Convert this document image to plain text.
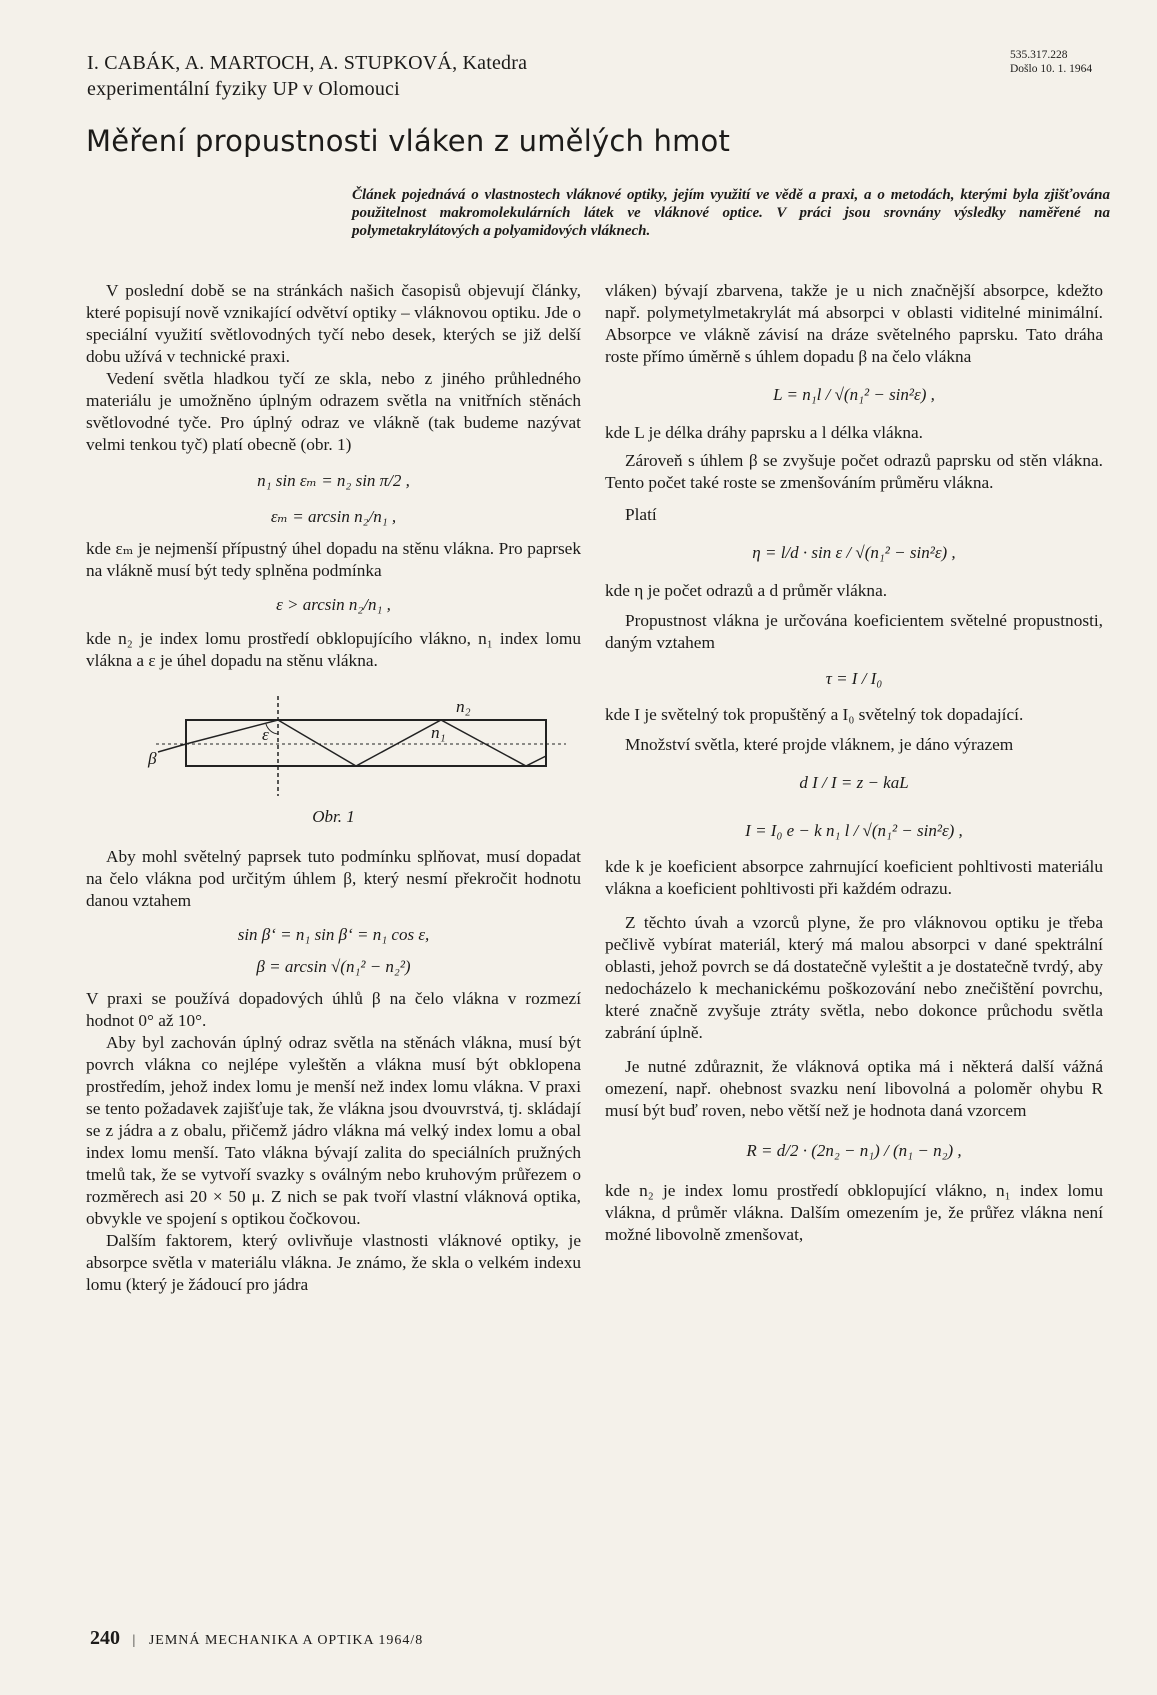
I. CABÁK, A. MARTOCH, A. STUPKOVÁ, Katedra
experimentální fyziky UP v Olomouci
535.317.228
Došlo 10. 1. 1964
Měření propustnosti vláken z umělých hmot
Článek pojednává o vlastnostech vláknové optiky, jejím využití ve vědě a praxi, a o metodách, kterými byla zjišťována použitelnost makromolekulárních látek ve vláknové optice. V práci jsou srovnány výsledky naměřené na polymetakrylátových a polyamidových vláknech.

V poslední době se na stránkách našich časopisů objevují články, které popisují nově vznikající odvětví optiky – vláknovou optiku. Jde o speciální využití světlovodných tyčí nebo desek, kterých se již delší dobu užívá v technické praxi.

Vedení světla hladkou tyčí ze skla, nebo z jiného průhledného materiálu je umožněno úplným odrazem světla na vnitřních stěnách světlovodné tyče. Pro úplný odraz ve vlákně (tak budeme nazývat velmi tenkou tyč) platí obecně (obr. 1)

n₁ sin εₘ = n₂ sin π/2 ,
εₘ = arcsin n₂/n₁ ,

kde εₘ je nejmenší přípustný úhel dopadu na stěnu vlákna. Pro paprsek na vlákně musí být tedy splněna podmínka

ε > arcsin n₂/n₁ ,

kde n₂ je index lomu prostředí obklopujícího vlákno, n₁ index lomu vlákna a ε je úhel dopadu na stěnu vlákna.

n₂
n₁
ε
β
Obr. 1

Aby mohl světelný paprsek tuto podmínku splňovat, musí dopadat na čelo vlákna pod určitým úhlem β, který nesmí překročit hodnotu danou vztahem

sin β‘ = n₁ sin β‘ = n₁ cos ε,
β = arcsin √(n₁² − n₂²)

V praxi se používá dopadových úhlů β na čelo vlákna v rozmezí hodnot 0° až 10°.

Aby byl zachován úplný odraz světla na stěnách vlákna, musí být povrch vlákna co nejlépe vyleštěn a vlákna musí být obklopena prostředím, jehož index lomu je menší než index lomu vlákna. V praxi se tento požadavek zajišťuje tak, že vlákna jsou dvouvrstvá, tj. skládají se z jádra a z obalu, přičemž jádro vlákna má velký index lomu a obal index lomu menší. Tato vlákna bývají zalita do speciálních pružných tmelů tak, že se vytvoří svazky s oválným nebo kruhovým průřezem o rozměrech asi 20 × 50 μ. Z nich se pak tvoří vlastní vláknová optika, obvykle ve spojení s optikou čočkovou.

Dalším faktorem, který ovlivňuje vlastnosti vláknové optiky, je absorpce světla v materiálu vlákna. Je známo, že skla o velkém indexu lomu (který je žádoucí pro jádra

vláken) bývají zbarvena, takže je u nich značnější absorpce, kdežto např. polymetylmetakrylát má absorpci v oblasti viditelné minimální. Absorpce ve vlákně závisí na dráze světelného paprsku. Tato dráha roste přímo úměrně s úhlem dopadu β na čelo vlákna

L = n₁l / √(n₁² − sin²ε) ,

kde L je délka dráhy paprsku a l délka vlákna.

Zároveň s úhlem β se zvyšuje počet odrazů paprsku od stěn vlákna. Tento počet také roste se zmenšováním průměru vlákna.

Platí

η = l/d · sin ε / √(n₁² − sin²ε) ,

kde η je počet odrazů a d průměr vlákna.

Propustnost vlákna je určována koeficientem světelné propustnosti, daným vztahem

τ = I / I₀

kde I je světelný tok propuštěný a I₀ světelný tok dopadající.

Množství světla, které projde vláknem, je dáno výrazem

d I / I = z − kaL
I = I₀ e − k n₁ l / √(n₁² − sin²ε) ,

kde k je koeficient absorpce zahrnující koeficient pohltivosti materiálu vlákna a koeficient pohltivosti při každém odrazu.

Z těchto úvah a vzorců plyne, že pro vláknovou optiku je třeba pečlivě vybírat materiál, který má malou absorpci v dané spektrální oblasti, jehož povrch se dá dostatečně vyleštit a je dostatečně tvrdý, aby nedocházelo k mechanickému poškozování nebo znečištění povrchu, které značně zvyšuje ztráty světla, nebo dokonce průchodu světla zabrání úplně.

Je nutné zdůraznit, že vláknová optika má i některá další vážná omezení, např. ohebnost svazku není libovolná a poloměr ohybu R musí být buď roven, nebo větší než je hodnota daná vzorcem

R = d/2 · (2n₂ − n₁) / (n₁ − n₂) ,

kde n₂ je index lomu prostředí obklopující vlákno, n₁ index lomu vlákna, d průměr vlákna. Dalším omezením je, že průřez vlákna není možné libovolně zmenšovat,

240 | JEMNÁ MECHANIKA A OPTIKA 1964/8
